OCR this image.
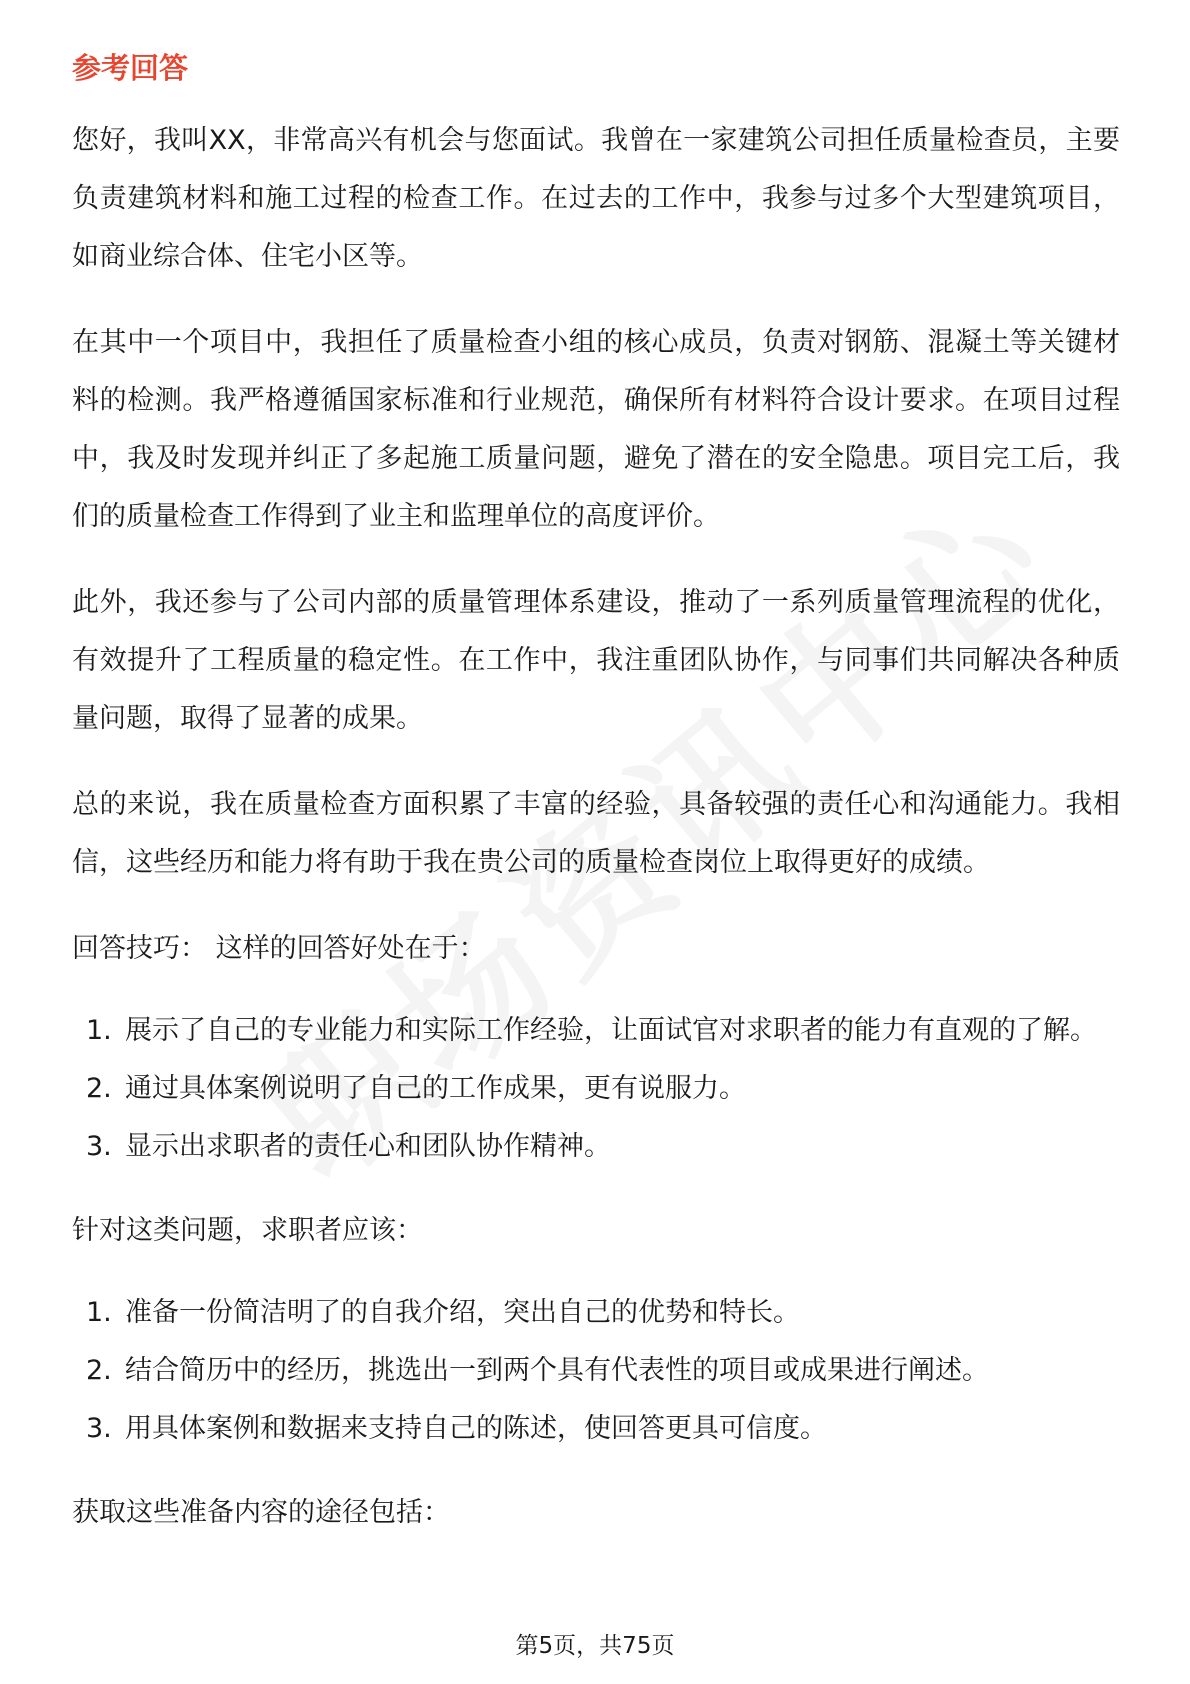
参考回答

您好，我叫XX，非常高兴有机会与您面试。我曾在一家建筑公司担任质量检查员，主要负责建筑材料和施工过程的检查工作。在过去的工作中，我参与过多个大型建筑项目，如商业综合体、住宅小区等。

在其中一个项目中，我担任了质量检查小组的核心成员，负责对钢筋、混凝土等关键材料的检测。我严格遵循国家标准和行业规范，确保所有材料符合设计要求。在项目过程中，我及时发现并纠正了多起施工质量问题，避免了潜在的安全隐患。项目完工后，我们的质量检查工作得到了业主和监理单位的高度评价。

此外，我还参与了公司内部的质量管理体系建设，推动了一系列质量管理流程的优化，有效提升了工程质量的稳定性。在工作中，我注重团队协作，与同事们共同解决各种质量问题，取得了显著的成果。

总的来说，我在质量检查方面积累了丰富的经验，具备较强的责任心和沟通能力。我相信，这些经历和能力将有助于我在贵公司的质量检查岗位上取得更好的成绩。

回答技巧： 这样的回答好处在于：
1. 展示了自己的专业能力和实际工作经验，让面试官对求职者的能力有直观的了解。
2. 通过具体案例说明了自己的工作成果，更有说服力。
3. 显示出求职者的责任心和团队协作精神。
针对这类问题，求职者应该：
1. 准备一份简洁明了的自我介绍，突出自己的优势和特长。
2. 结合简历中的经历，挑选出一到两个具有代表性的项目或成果进行阐述。
3. 用具体案例和数据来支持自己的陈述，使回答更具可信度。
获取这些准备内容的途径包括：
第5页，共75页
